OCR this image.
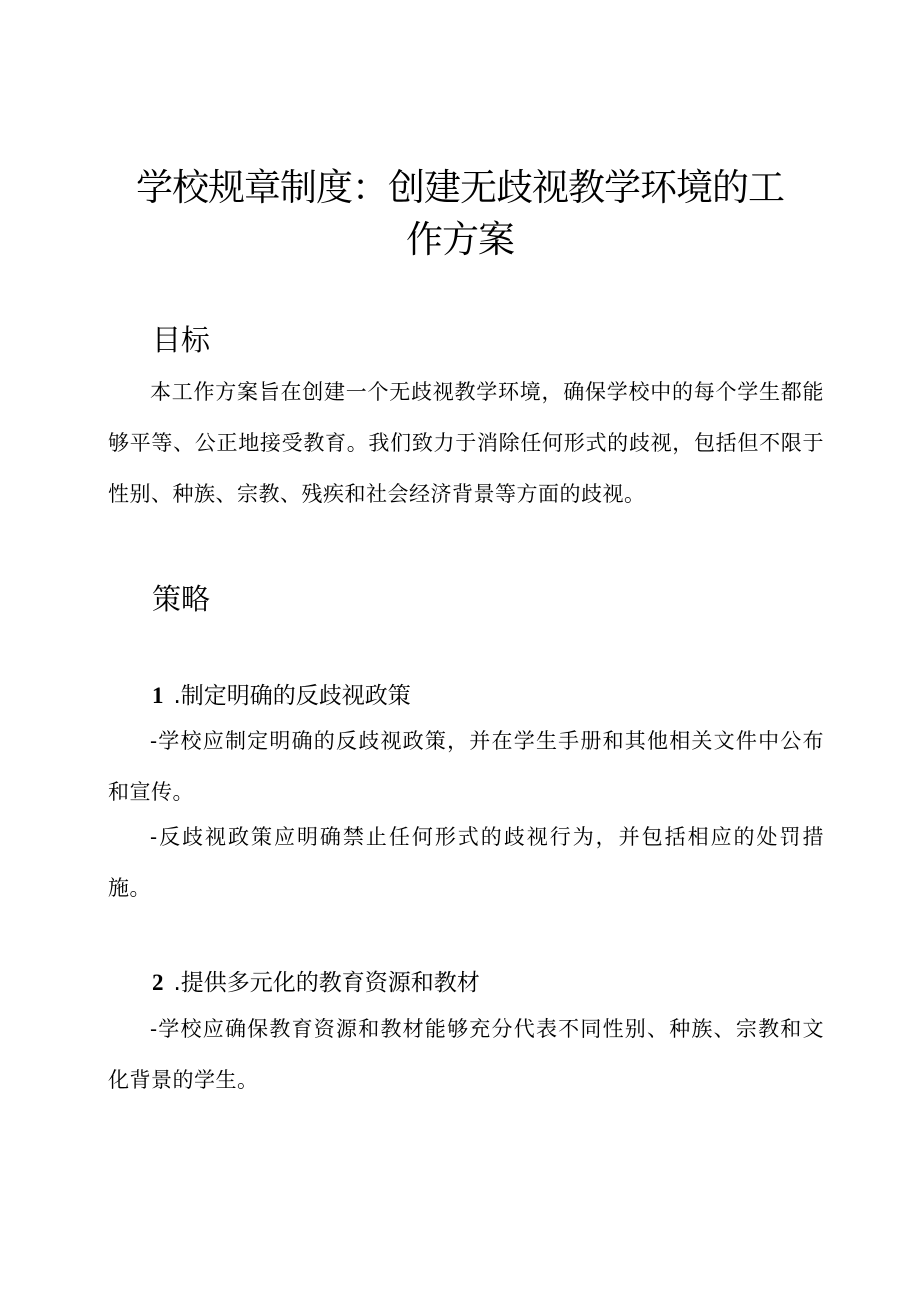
学校规章制度：创建无歧视教学环境的工作方案
目标

本工作方案旨在创建一个无歧视教学环境，确保学校中的每个学生都能够平等、公正地接受教育。我们致力于消除任何形式的歧视，包括但不限于性别、种族、宗教、残疾和社会经济背景等方面的歧视。

策略
1 .制定明确的反歧视政策

-学校应制定明确的反歧视政策，并在学生手册和其他相关文件中公布和宣传。

-反歧视政策应明确禁止任何形式的歧视行为，并包括相应的处罚措施。

2 .提供多元化的教育资源和教材

-学校应确保教育资源和教材能够充分代表不同性别、种族、宗教和文化背景的学生。
